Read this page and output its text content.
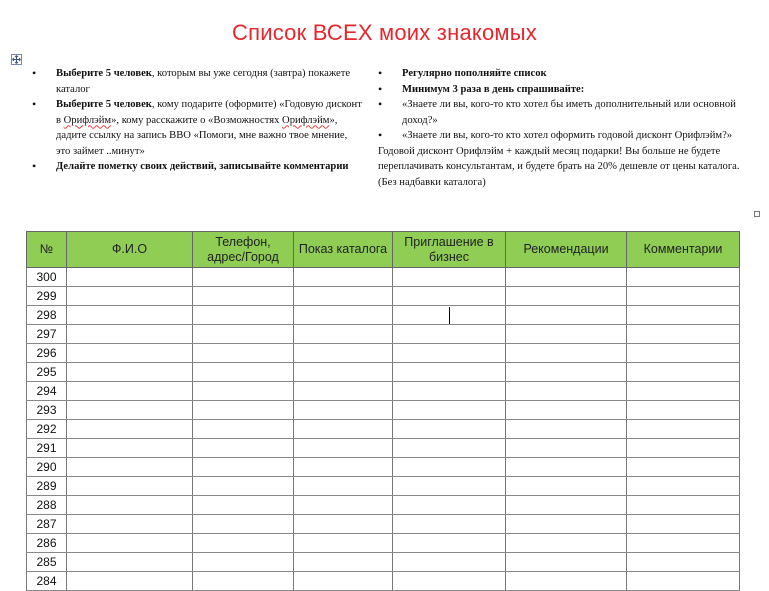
Список ВСЕХ моих знакомых
• Выберите 5 человек, которым вы уже сегодня (завтра) покажете каталог
• Выберите 5 человек, кому подарите (оформите) «Годовую дисконт в Орифлэйм», кому расскажите о «Возможностях Орифлэйм», дадите ссылку на запись ВВО «Помоги, мне важно твое мнение, это займет ..минут»
• Делайте пометку своих действий, записывайте комментарии
• Регулярно пополняйте список
• Минимум 3 раза в день спрашивайте:
• «Знаете ли вы, кого-то кто хотел бы иметь дополнительный или основной доход?»
• «Знаете ли вы, кого-то кто хотел оформить годовой дисконт Орифлэйм?»

Годовой дисконт Орифлэйм + каждый месяц подарки! Вы больше не будете переплачивать консультантам, и будете брать на 20% дешевле от цены каталога. (Без надбавки каталога)

№	Ф.И.О	Телефон, адрес/Город	Показ каталога	Приглашение в бизнес	Рекомендации	Комментарии
300						
299						
298						
297						
296						
295						
294						
293						
292						
291						
290						
289						
288						
287						
286						
285						
284						
